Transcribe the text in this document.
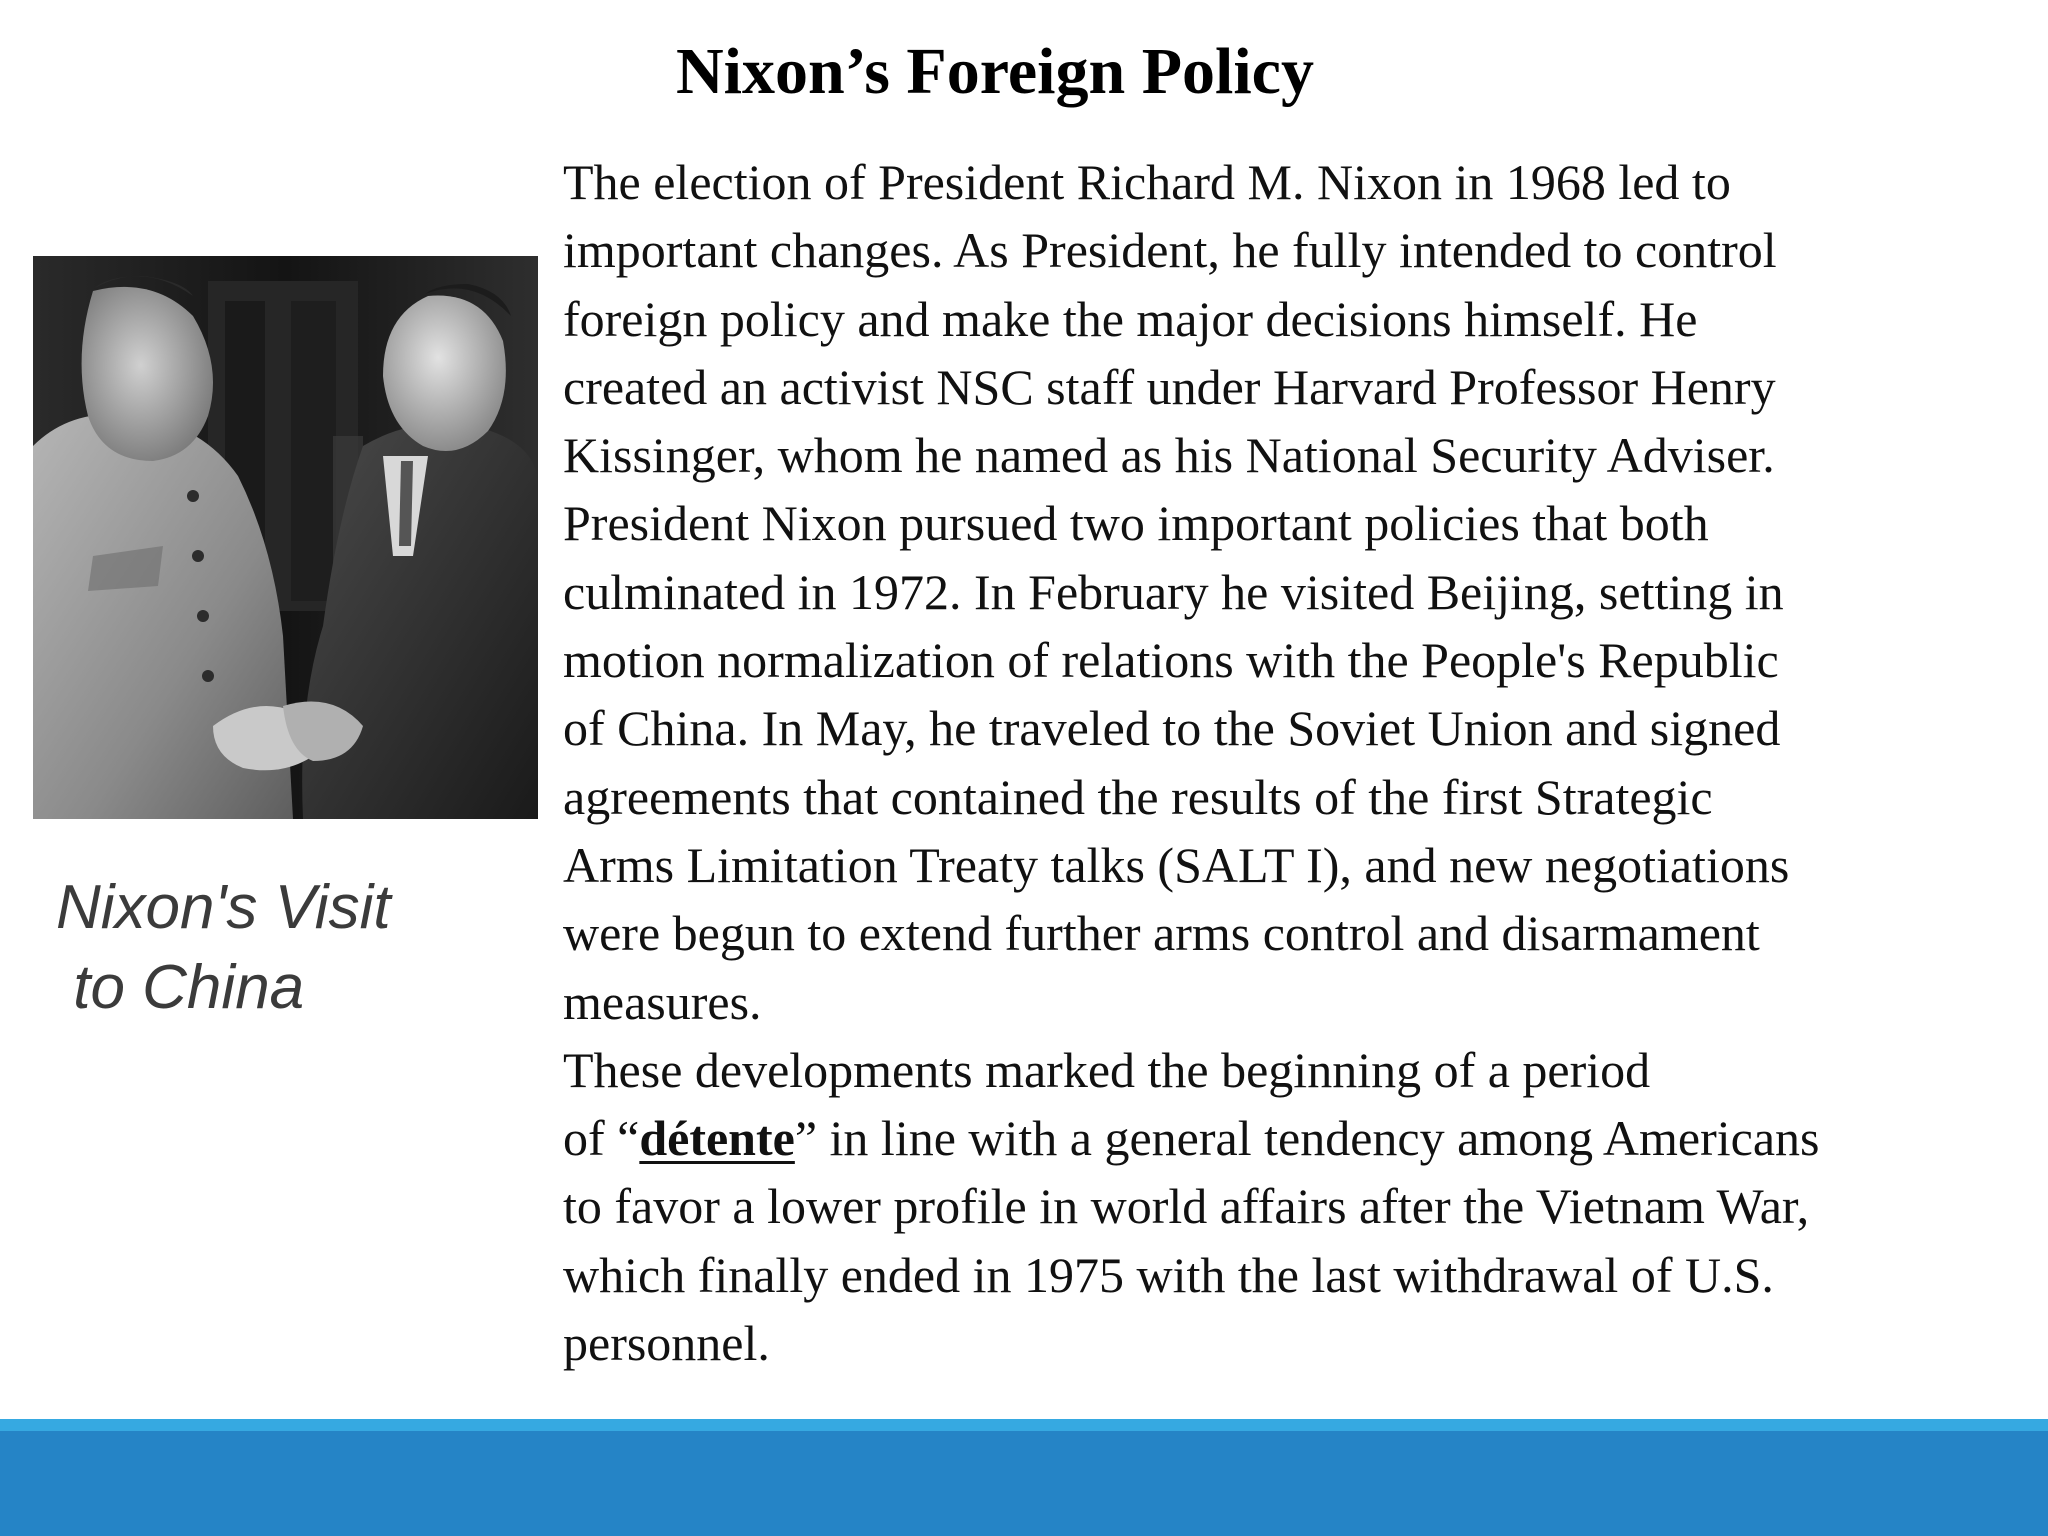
Nixon’s Foreign Policy
Nixon's Visit
to China

The election of President Richard M. Nixon in 1968 led to
important changes. As President, he fully intended to control
foreign policy and make the major decisions himself. He
created an activist NSC staff under Harvard Professor Henry
Kissinger, whom he named as his National Security Adviser.
President Nixon pursued two important policies that both
culminated in 1972. In February he visited Beijing, setting in
motion normalization of relations with the People's Republic
of China. In May, he traveled to the Soviet Union and signed
agreements that contained the results of the first Strategic
Arms Limitation Treaty talks (SALT I), and new negotiations
were begun to extend further arms control and disarmament
measures.

These developments marked the beginning of a period
of “détente” in line with a general tendency among Americans
to favor a lower profile in world affairs after the Vietnam War,
which finally ended in 1975 with the last withdrawal of U.S.
personnel.
